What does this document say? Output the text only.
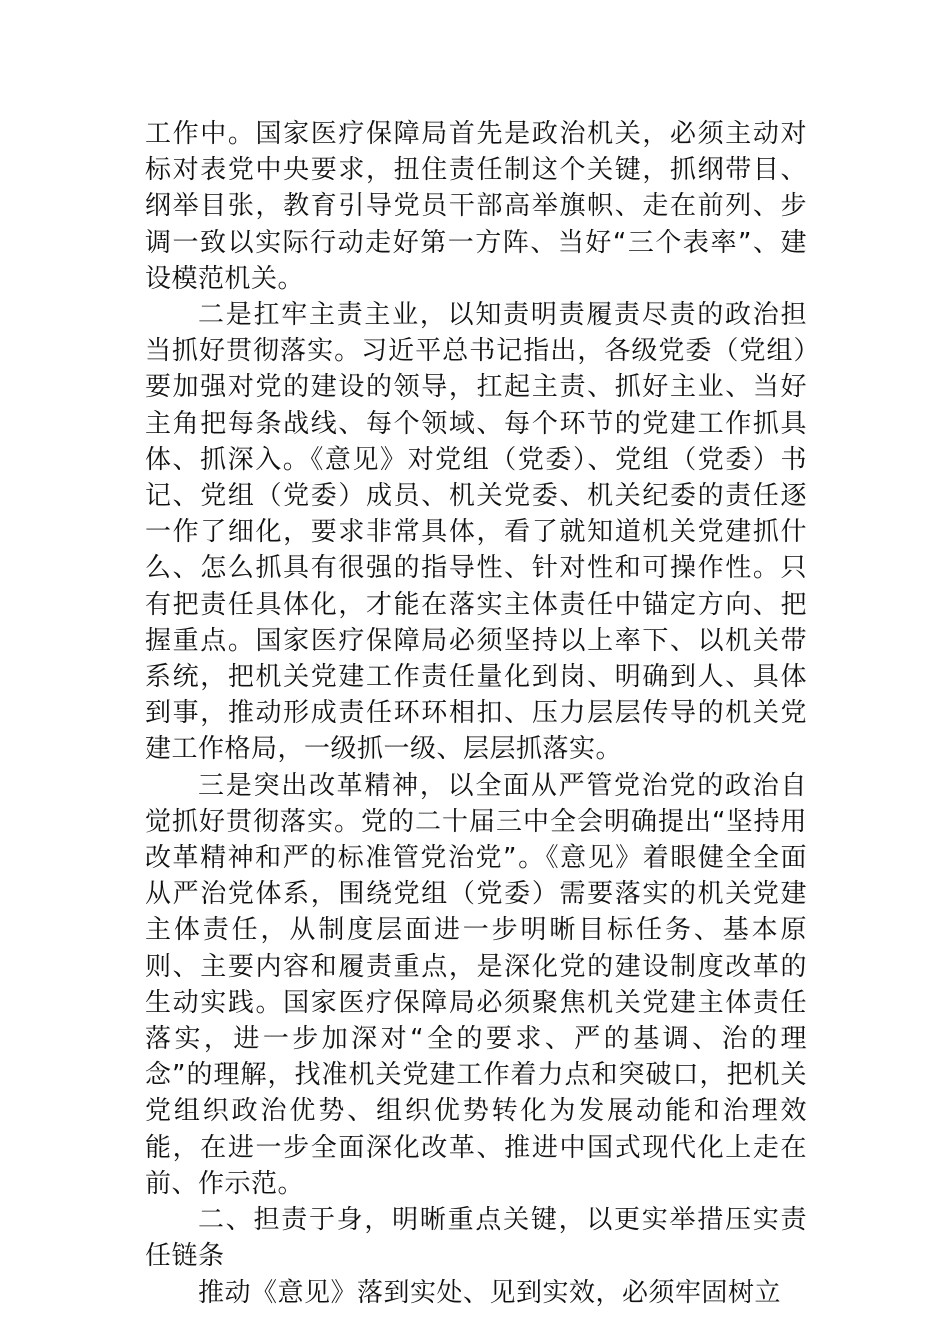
工作中。国家医疗保障局首先是政治机关，必须主动对标对表党中央要求，扭住责任制这个关键，抓纲带目、纲举目张，教育引导党员干部高举旗帜、走在前列、步调一致以实际行动走好第一方阵、当好“三个表率”、建设模范机关。

二是扛牢主责主业，以知责明责履责尽责的政治担当抓好贯彻落实。习近平总书记指出，各级党委（党组）要加强对党的建设的领导，扛起主责、抓好主业、当好主角把每条战线、每个领域、每个环节的党建工作抓具体、抓深入。《意见》对党组（党委）、党组（党委）书记、党组（党委）成员、机关党委、机关纪委的责任逐一作了细化，要求非常具体，看了就知道机关党建抓什么、怎么抓具有很强的指导性、针对性和可操作性。只有把责任具体化，才能在落实主体责任中锚定方向、把握重点。国家医疗保障局必须坚持以上率下、以机关带系统，把机关党建工作责任量化到岗、明确到人、具体到事，推动形成责任环环相扣、压力层层传导的机关党建工作格局，一级抓一级、层层抓落实。

三是突出改革精神，以全面从严管党治党的政治自觉抓好贯彻落实。党的二十届三中全会明确提出“坚持用改革精神和严的标准管党治党”。《意见》着眼健全全面从严治党体系，围绕党组（党委）需要落实的机关党建主体责任，从制度层面进一步明晰目标任务、基本原则、主要内容和履责重点，是深化党的建设制度改革的生动实践。国家医疗保障局必须聚焦机关党建主体责任落实，进一步加深对“全的要求、严的基调、治的理念”的理解，找准机关党建工作着力点和突破口，把机关党组织政治优势、组织优势转化为发展动能和治理效能，在进一步全面深化改革、推进中国式现代化上走在前、作示范。

二、担责于身，明晰重点关键，以更实举措压实责任链条

推动《意见》落到实处、见到实效，必须牢固树立
